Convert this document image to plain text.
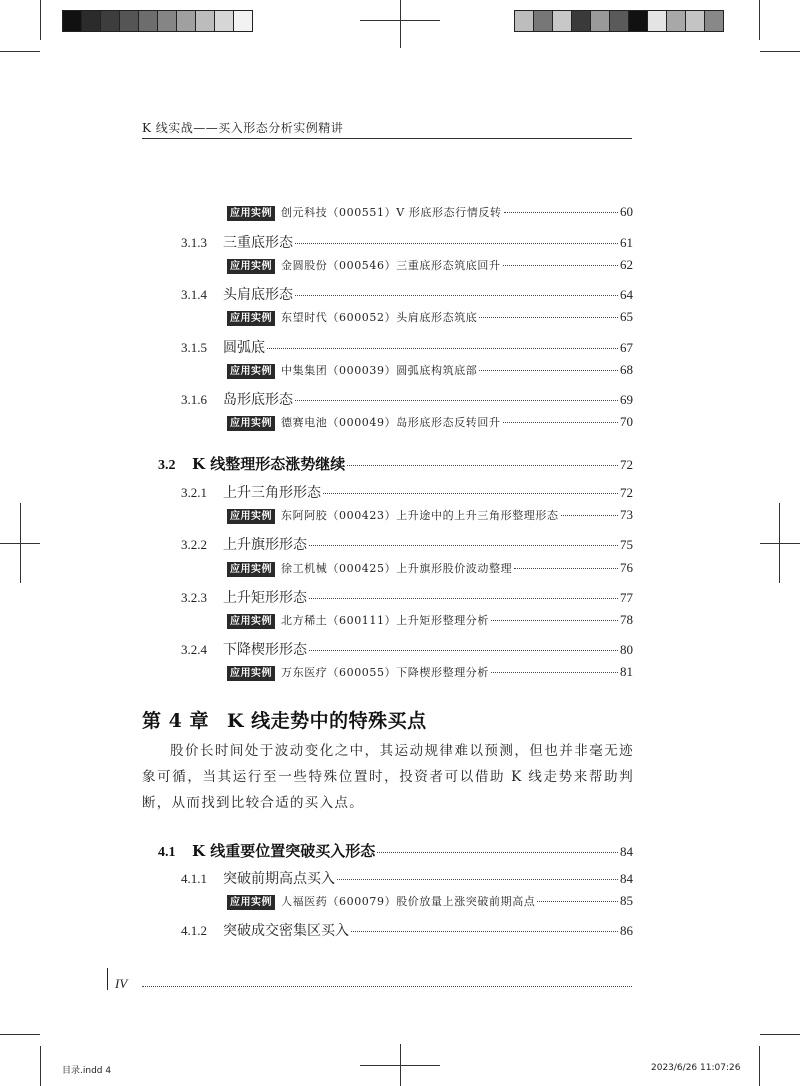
K 线实战——买入形态分析实例精讲
应用实例 创元科技（000551）V 形底形态行情反转	60
3.1.3	三重底形态	61
应用实例 金圆股份（000546）三重底形态筑底回升	62
3.1.4	头肩底形态	64
应用实例 东望时代（600052）头肩底形态筑底	65
3.1.5	圆弧底	67
应用实例 中集集团（000039）圆弧底构筑底部	68
3.1.6	岛形底形态	69
应用实例 德赛电池（000049）岛形底形态反转回升	70
3.2	K 线整理形态涨势继续	72
3.2.1	上升三角形形态	72
应用实例 东阿阿胶（000423）上升途中的上升三角形整理形态	73
3.2.2	上升旗形形态	75
应用实例 徐工机械（000425）上升旗形股价波动整理	76
3.2.3	上升矩形形态	77
应用实例 北方稀土（600111）上升矩形整理分析	78
3.2.4	下降楔形形态	80
应用实例 万东医疗（600055）下降楔形整理分析	81
第 4 章 K 线走势中的特殊买点
股价长时间处于波动变化之中，其运动规律难以预测，但也并非毫无迹象可循，当其运行至一些特殊位置时，投资者可以借助 K 线走势来帮助判断，从而找到比较合适的买入点。
4.1	K 线重要位置突破买入形态	84
4.1.1	突破前期高点买入	84
应用实例 人福医药（600079）股价放量上涨突破前期高点	85
4.1.2	突破成交密集区买入	86
IV
目录.indd 4	2023/6/26 11:07:26
